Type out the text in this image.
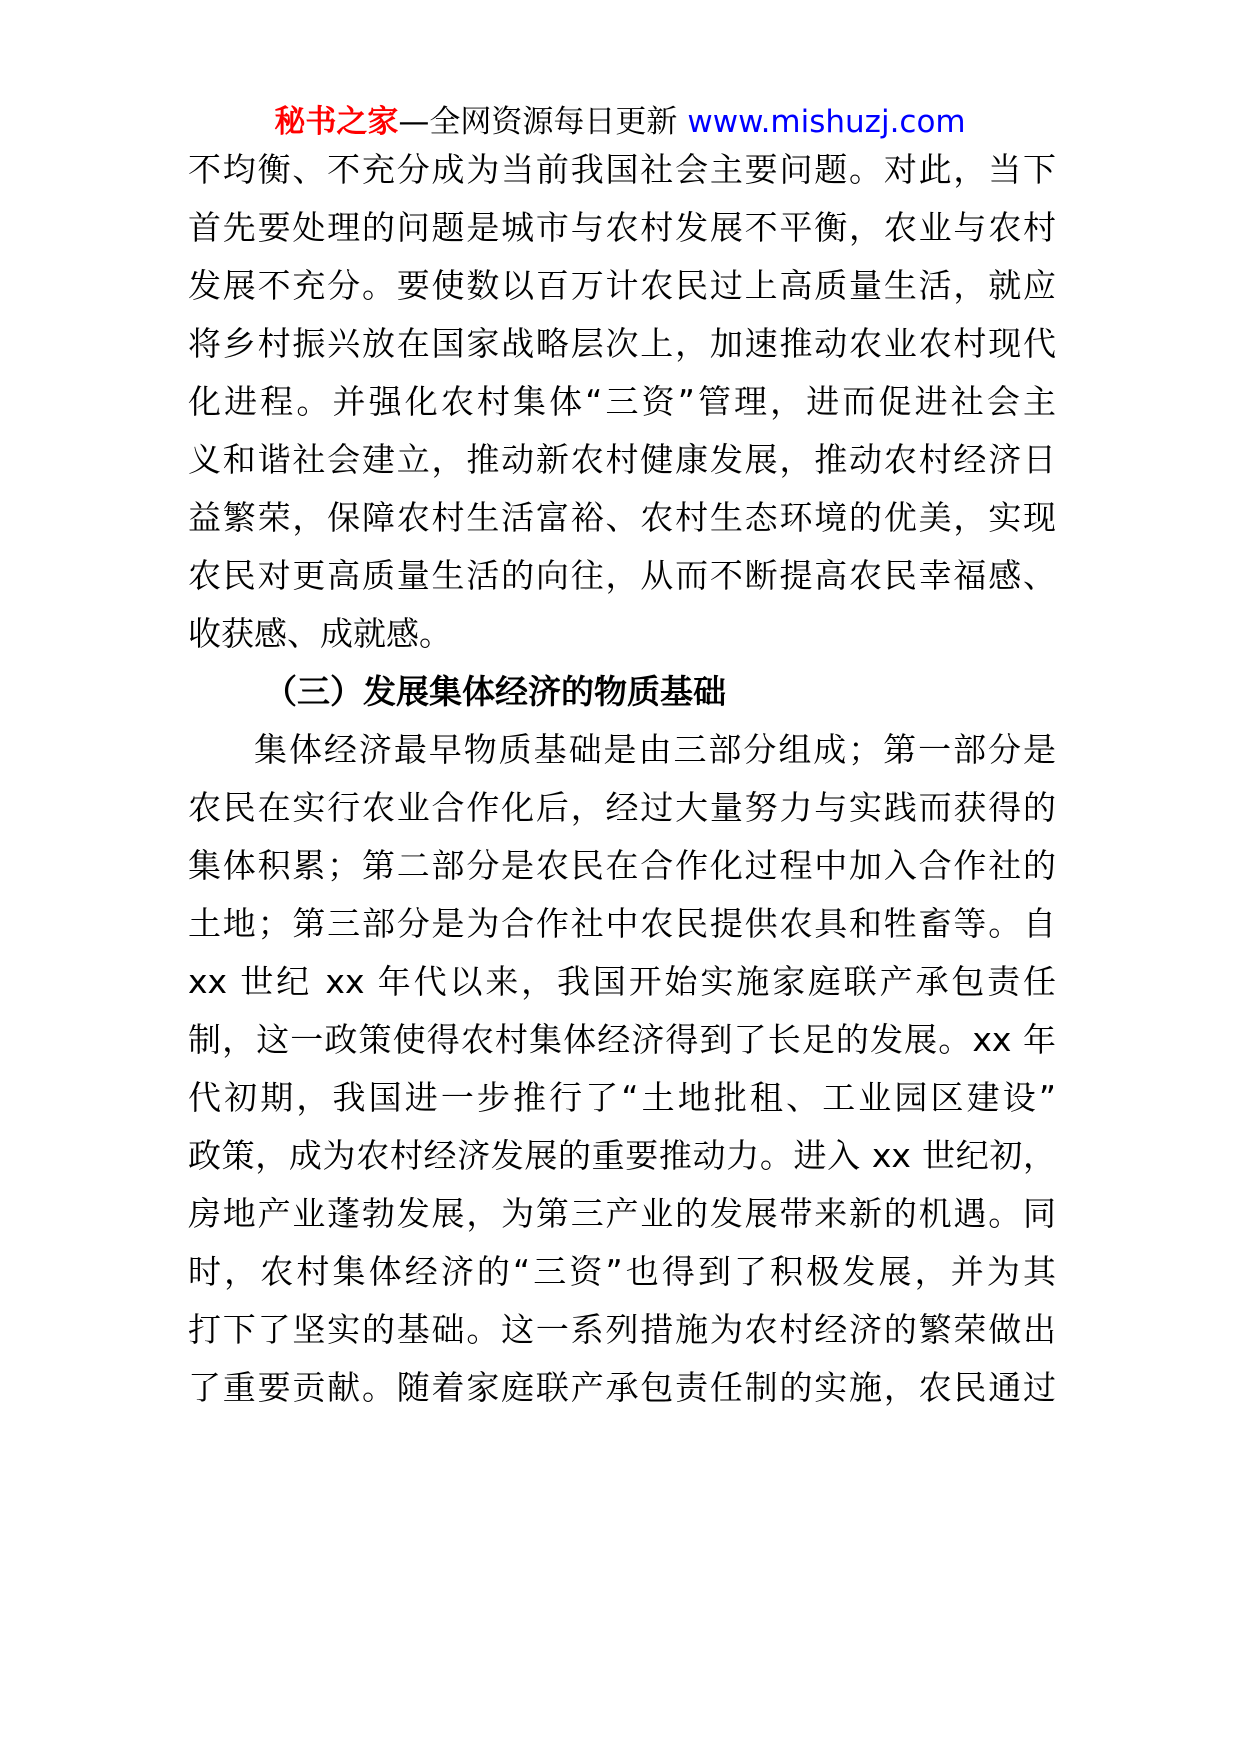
秘书之家—全网资源每日更新 www.mishuzj.com
不均衡、不充分成为当前我国社会主要问题。对此，当下
首先要处理的问题是城市与农村发展不平衡，农业与农村
发展不充分。要使数以百万计农民过上高质量生活，就应
将乡村振兴放在国家战略层次上，加速推动农业农村现代
化进程。并强化农村集体“三资”管理，进而促进社会主
义和谐社会建立，推动新农村健康发展，推动农村经济日
益繁荣，保障农村生活富裕、农村生态环境的优美，实现
农民对更高质量生活的向往，从而不断提高农民幸福感、
收获感、成就感。
（三）发展集体经济的物质基础
集体经济最早物质基础是由三部分组成；第一部分是
农民在实行农业合作化后，经过大量努力与实践而获得的
集体积累；第二部分是农民在合作化过程中加入合作社的
土地；第三部分是为合作社中农民提供农具和牲畜等。自
xx 世纪 xx 年代以来，我国开始实施家庭联产承包责任
制，这一政策使得农村集体经济得到了长足的发展。xx 年
代初期，我国进一步推行了“土地批租、工业园区建设”
政策，成为农村经济发展的重要推动力。进入 xx 世纪初，
房地产业蓬勃发展，为第三产业的发展带来新的机遇。同
时，农村集体经济的“三资”也得到了积极发展，并为其
打下了坚实的基础。这一系列措施为农村经济的繁荣做出
了重要贡献。随着家庭联产承包责任制的实施，农民通过
